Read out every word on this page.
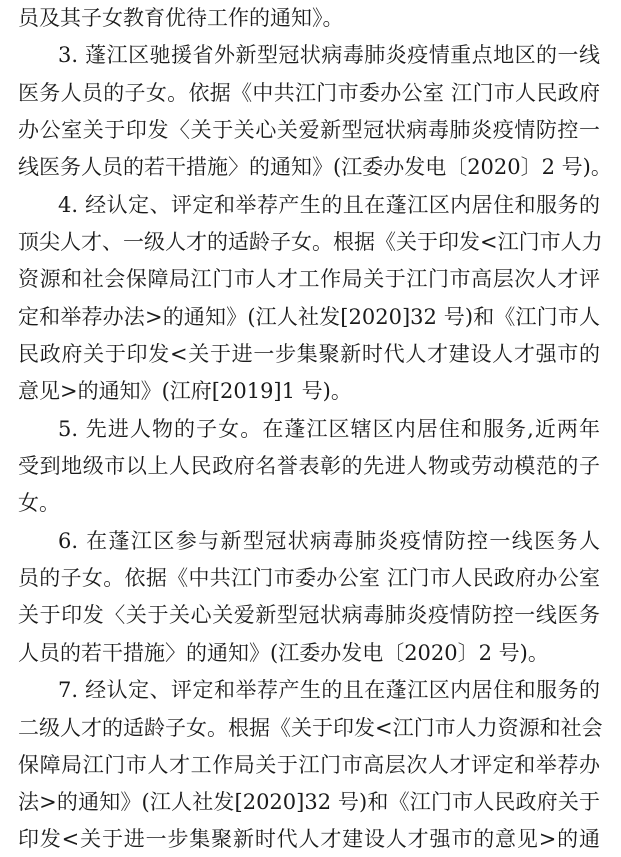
员及其子女教育优待工作的通知》。
3. 蓬江区驰援省外新型冠状病毒肺炎疫情重点地区的一线
医务人员的子女。依据《中共江门市委办公室 江门市人民政府
办公室关于印发〈关于关心关爱新型冠状病毒肺炎疫情防控一
线医务人员的若干措施〉的通知》(江委办发电〔2020〕2 号)。
4. 经认定、评定和举荐产生的且在蓬江区内居住和服务的
顶尖人才、一级人才的适龄子女。根据《关于印发<江门市人力
资源和社会保障局江门市人才工作局关于江门市高层次人才评
定和举荐办法>的通知》(江人社发[2020]32 号)和《江门市人
民政府关于印发<关于进一步集聚新时代人才建设人才强市的
意见>的通知》(江府[2019]1 号)。
5. 先进人物的子女。在蓬江区辖区内居住和服务,近两年
受到地级市以上人民政府名誉表彰的先进人物或劳动模范的子
女。
6. 在蓬江区参与新型冠状病毒肺炎疫情防控一线医务人
员的子女。依据《中共江门市委办公室 江门市人民政府办公室
关于印发〈关于关心关爱新型冠状病毒肺炎疫情防控一线医务
人员的若干措施〉的通知》(江委办发电〔2020〕2 号)。
7. 经认定、评定和举荐产生的且在蓬江区内居住和服务的
二级人才的适龄子女。根据《关于印发<江门市人力资源和社会
保障局江门市人才工作局关于江门市高层次人才评定和举荐办
法>的通知》(江人社发[2020]32 号)和《江门市人民政府关于
印发<关于进一步集聚新时代人才建设人才强市的意见>的通
